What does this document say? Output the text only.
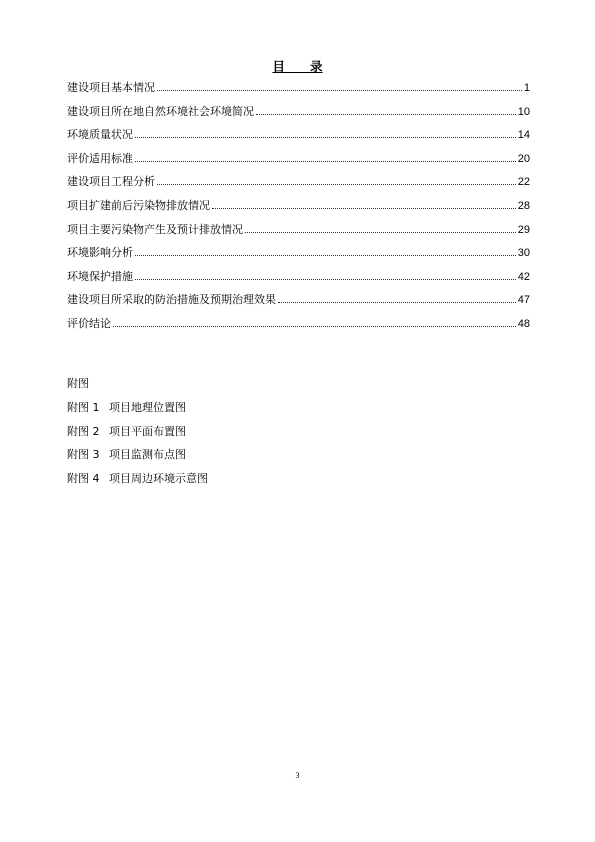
目　　录
建设项目基本情况	1
建设项目所在地自然环境社会环境简况	10
环境质量状况	14
评价适用标准	20
建设项目工程分析	22
项目扩建前后污染物排放情况	28
项目主要污染物产生及预计排放情况	29
环境影响分析	30
环境保护措施	42
建设项目所采取的防治措施及预期治理效果	47
评价结论	48
附图
附图 1 项目地理位置图
附图 2 项目平面布置图
附图 3 项目监测布点图
附图 4 项目周边环境示意图
3
